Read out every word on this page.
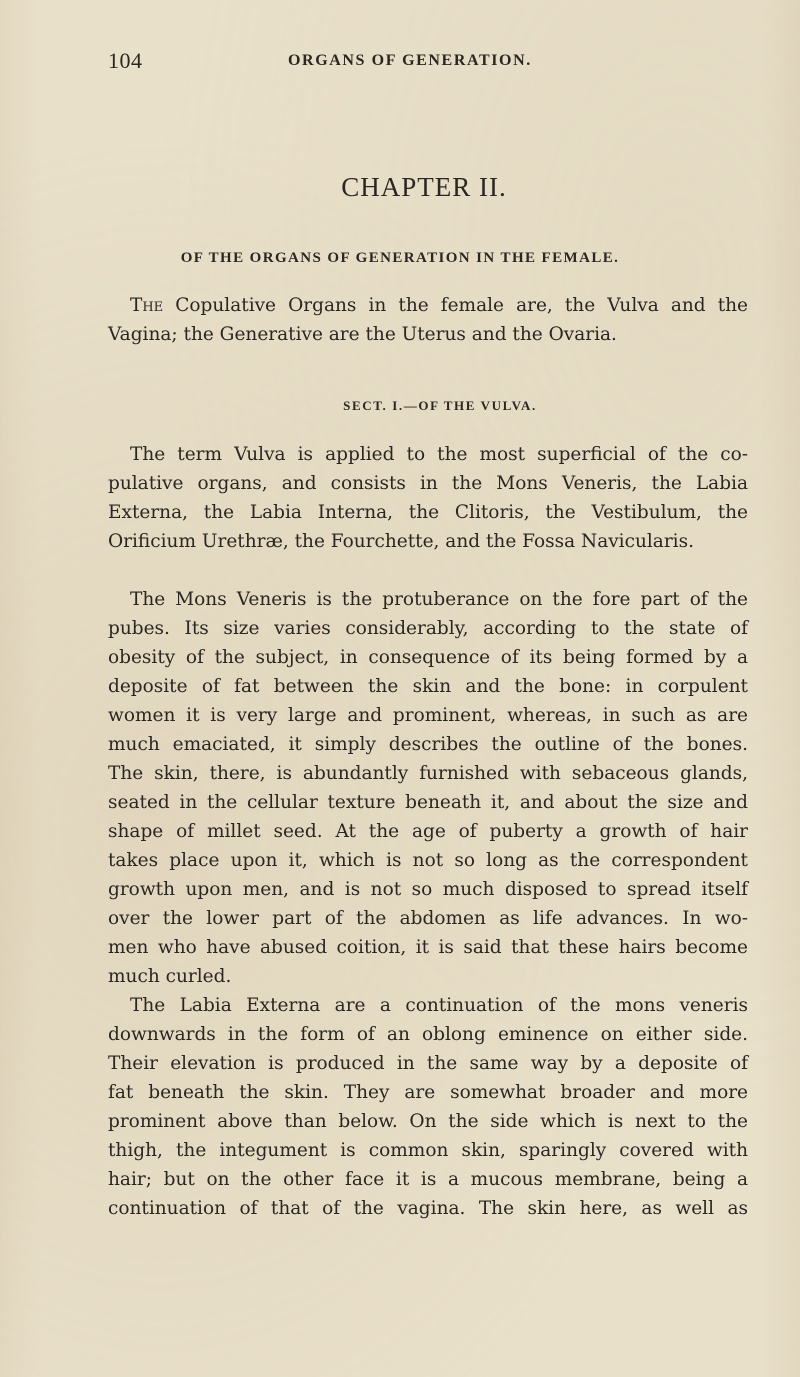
104	ORGANS OF GENERATION.
CHAPTER II.
OF THE ORGANS OF GENERATION IN THE FEMALE.

The Copulative Organs in the female are, the Vulva and the
Vagina; the Generative are the Uterus and the Ovaria.

SECT. I.—OF THE VULVA.

The term Vulva is applied to the most superficial of the co-
pulative organs, and consists in the Mons Veneris, the Labia
Externa, the Labia Interna, the Clitoris, the Vestibulum, the
Orificium Urethræ, the Fourchette, and the Fossa Navicularis.

The Mons Veneris is the protuberance on the fore part of the
pubes. Its size varies considerably, according to the state of
obesity of the subject, in consequence of its being formed by a
deposite of fat between the skin and the bone: in corpulent
women it is very large and prominent, whereas, in such as are
much emaciated, it simply describes the outline of the bones.
The skin, there, is abundantly furnished with sebaceous glands,
seated in the cellular texture beneath it, and about the size and
shape of millet seed. At the age of puberty a growth of hair
takes place upon it, which is not so long as the correspondent
growth upon men, and is not so much disposed to spread itself
over the lower part of the abdomen as life advances. In wo-
men who have abused coition, it is said that these hairs become
much curled.

The Labia Externa are a continuation of the mons veneris
downwards in the form of an oblong eminence on either side.
Their elevation is produced in the same way by a deposite of
fat beneath the skin. They are somewhat broader and more
prominent above than below. On the side which is next to the
thigh, the integument is common skin, sparingly covered with
hair; but on the other face it is a mucous membrane, being a
continuation of that of the vagina. The skin here, as well as
